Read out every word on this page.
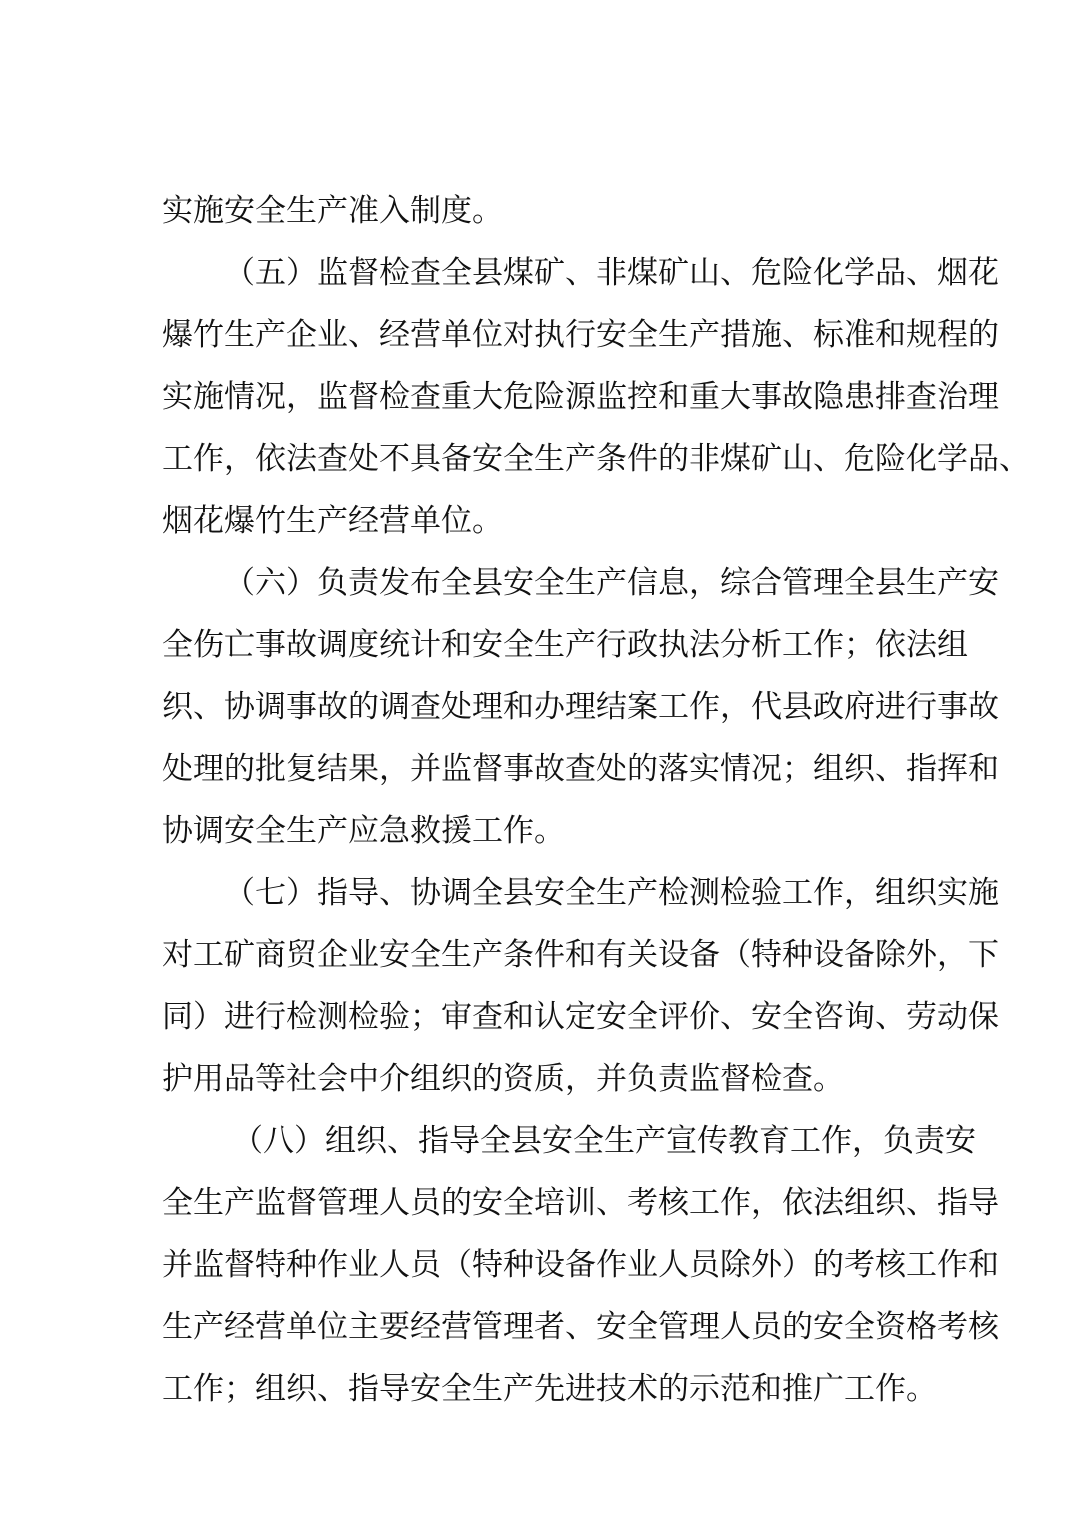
实施安全生产准入制度。
（五）监督检查全县煤矿、非煤矿山、危险化学品、烟花
爆竹生产企业、经营单位对执行安全生产措施、标准和规程的
实施情况，监督检查重大危险源监控和重大事故隐患排查治理
工作，依法查处不具备安全生产条件的非煤矿山、危险化学品、
烟花爆竹生产经营单位。
（六）负责发布全县安全生产信息，综合管理全县生产安
全伤亡事故调度统计和安全生产行政执法分析工作；依法组
织、协调事故的调查处理和办理结案工作，代县政府进行事故
处理的批复结果，并监督事故查处的落实情况；组织、指挥和
协调安全生产应急救援工作。
（七）指导、协调全县安全生产检测检验工作，组织实施
对工矿商贸企业安全生产条件和有关设备（特种设备除外，下
同）进行检测检验；审查和认定安全评价、安全咨询、劳动保
护用品等社会中介组织的资质，并负责监督检查。
（八）组织、指导全县安全生产宣传教育工作，负责安
全生产监督管理人员的安全培训、考核工作，依法组织、指导
并监督特种作业人员（特种设备作业人员除外）的考核工作和
生产经营单位主要经营管理者、安全管理人员的安全资格考核
工作；组织、指导安全生产先进技术的示范和推广工作。
